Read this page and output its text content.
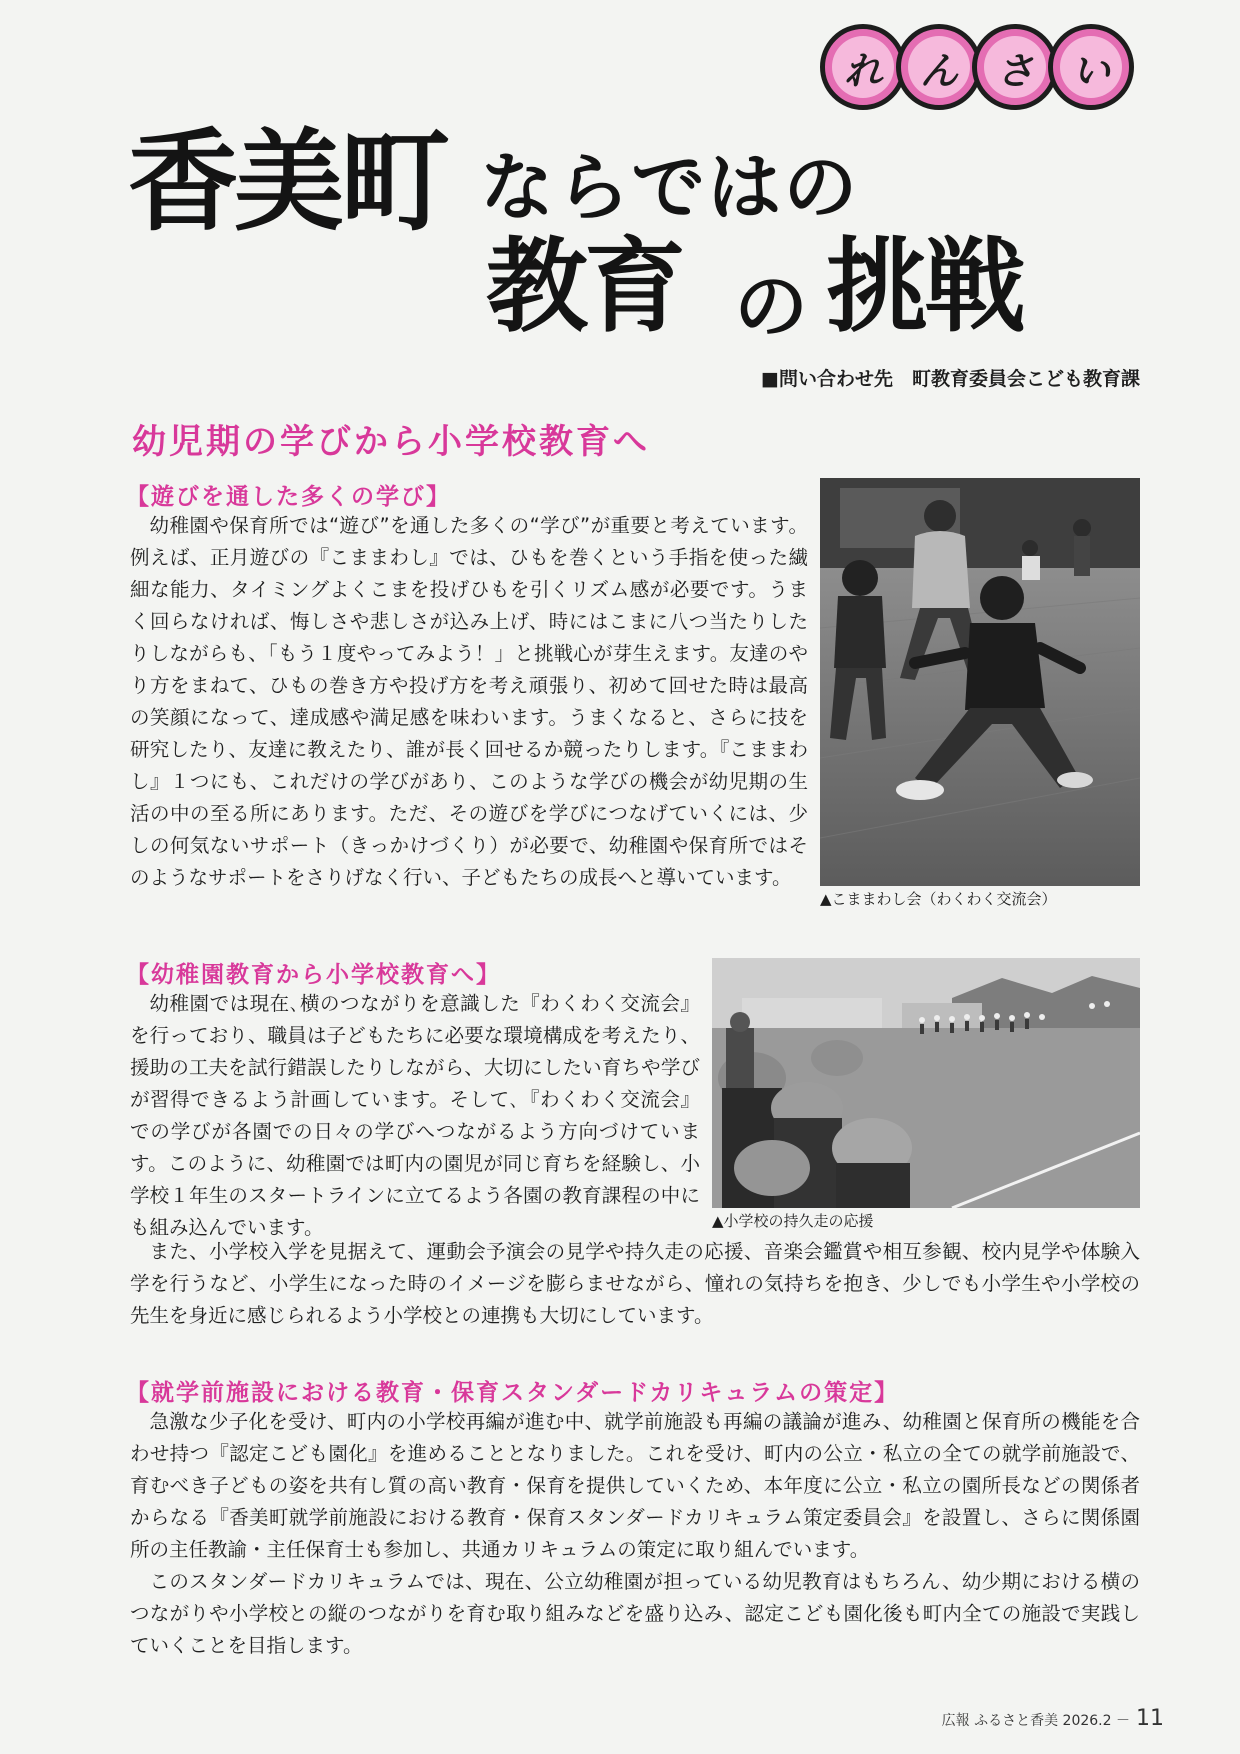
れ ん さ い
香美町 ならではの
教育 の 挑戦
■問い合わせ先　町教育委員会こども教育課
幼児期の学びから小学校教育へ
【遊びを通した多くの学び】

幼稚園や保育所では“遊び”を通した多くの“学び”が重要と考えています。例えば、正月遊びの『こままわし』では、ひもを巻くという手指を使った繊細な能力、タイミングよくこまを投げひもを引くリズム感が必要です。うまく回らなければ、悔しさや悲しさが込み上げ、時にはこまに八つ当たりしたりしながらも、「もう１度やってみよう！」と挑戦心が芽生えます。友達のやり方をまねて、ひもの巻き方や投げ方を考え頑張り、初めて回せた時は最高の笑顔になって、達成感や満足感を味わいます。うまくなると、さらに技を研究したり、友達に教えたり、誰が長く回せるか競ったりします。『こままわし』１つにも、これだけの学びがあり、このような学びの機会が幼児期の生活の中の至る所にあります。ただ、その遊びを学びにつなげていくには、少しの何気ないサポート（きっかけづくり）が必要で、幼稚園や保育所ではそのようなサポートをさりげなく行い、子どもたちの成長へと導いています。

▲こままわし会（わくわく交流会）
【幼稚園教育から小学校教育へ】

幼稚園では現在､横のつながりを意識した『わくわく交流会』を行っており、職員は子どもたちに必要な環境構成を考えたり、援助の工夫を試行錯誤したりしながら、大切にしたい育ちや学びが習得できるよう計画しています。そして､『わくわく交流会』での学びが各園での日々の学びへつながるよう方向づけています。このように、幼稚園では町内の園児が同じ育ちを経験し、小学校１年生のスタートラインに立てるよう各園の教育課程の中にも組み込んでいます。	▲小学校の持久走の応援

また、小学校入学を見据えて、運動会予演会の見学や持久走の応援、音楽会鑑賞や相互参観、校内見学や体験入学を行うなど、小学生になった時のイメージを膨らませながら、憧れの気持ちを抱き、少しでも小学生や小学校の先生を身近に感じられるよう小学校との連携も大切にしています。

【就学前施設における教育・保育スタンダードカリキュラムの策定】

急激な少子化を受け、町内の小学校再編が進む中、就学前施設も再編の議論が進み、幼稚園と保育所の機能を合わせ持つ『認定こども園化』を進めることとなりました。これを受け、町内の公立・私立の全ての就学前施設で、育むべき子どもの姿を共有し質の高い教育・保育を提供していくため、本年度に公立・私立の園所長などの関係者からなる『香美町就学前施設における教育・保育スタンダードカリキュラム策定委員会』を設置し、さらに関係園所の主任教諭・主任保育士も参加し、共通カリキュラムの策定に取り組んでいます。

このスタンダードカリキュラムでは、現在、公立幼稚園が担っている幼児教育はもちろん、幼少期における横のつながりや小学校との縦のつながりを育む取り組みなどを盛り込み、認定こども園化後も町内全ての施設で実践していくことを目指します。

広報 ふるさと香美 2026.2 － 11
